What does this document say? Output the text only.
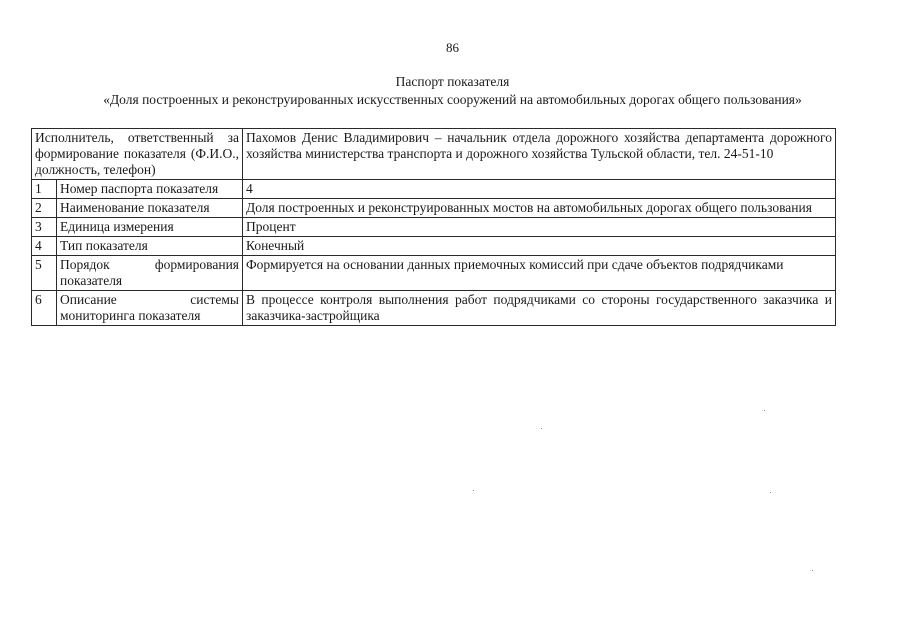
86
Паспорт показателя
«Доля построенных и реконструированных искусственных сооружений на автомобильных дорогах общего пользования»
Исполнитель, ответственный за формирование показателя (Ф.И.О., должность, телефон)		Пахомов Денис Владимирович – начальник отдела дорожного хозяйства департамента дорожного хозяйства министерства транспорта и дорожного хозяйства Тульской области, тел. 24-51-10
1	Номер паспорта показателя	4
2	Наименование показателя	Доля построенных и реконструированных мостов на автомобильных дорогах общего пользования
3	Единица измерения	Процент
4	Тип показателя	Конечный
5	Порядок формирования показателя	Формируется на основании данных приемочных комиссий при сдаче объектов подрядчиками
6	Описание системы мониторинга показателя	В процессе контроля выполнения работ подрядчиками со стороны государственного заказчика и заказчика-застройщика
